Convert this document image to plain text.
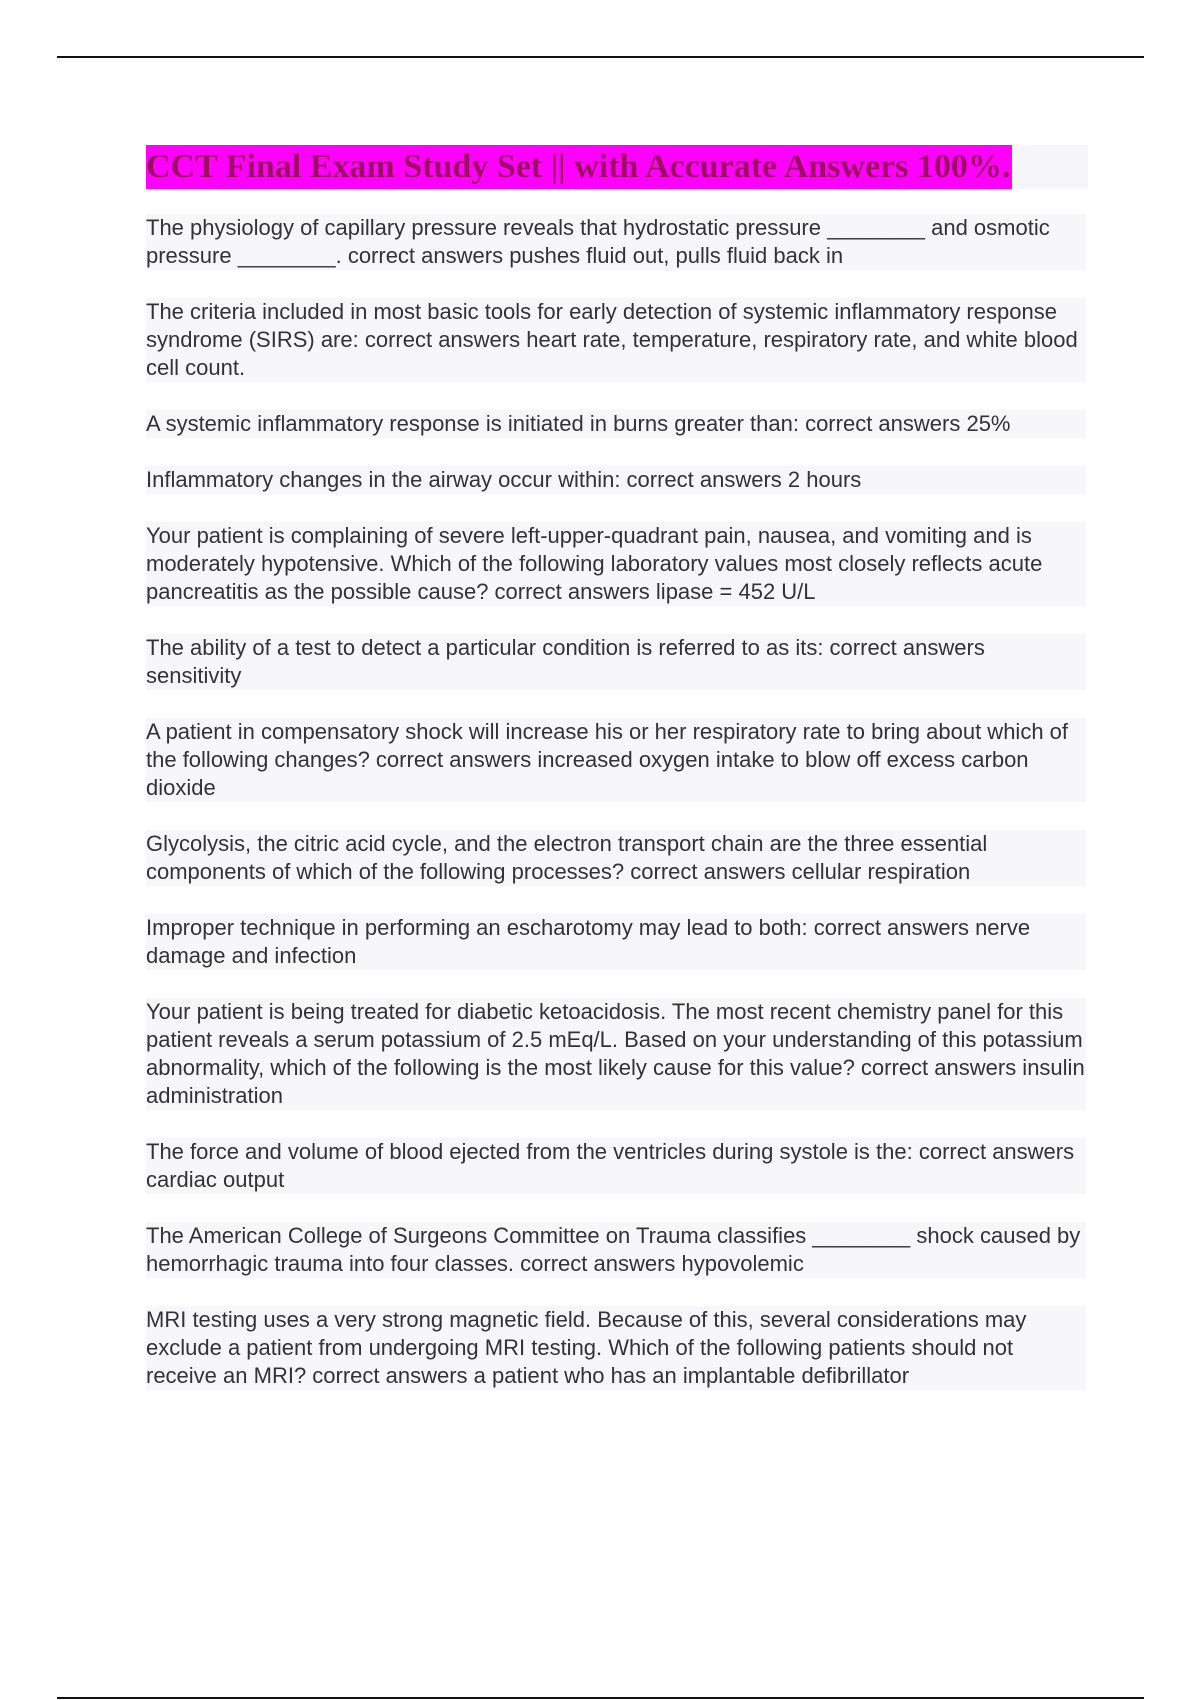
CCT Final Exam Study Set || with Accurate Answers 100%.

The physiology of capillary pressure reveals that hydrostatic pressure ________ and osmotic pressure ________. correct answers pushes fluid out, pulls fluid back in

The criteria included in most basic tools for early detection of systemic inflammatory response syndrome (SIRS) are: correct answers heart rate, temperature, respiratory rate, and white blood cell count.

A systemic inflammatory response is initiated in burns greater than: correct answers 25%

Inflammatory changes in the airway occur within: correct answers 2 hours

Your patient is complaining of severe left-upper-quadrant pain, nausea, and vomiting and is moderately hypotensive. Which of the following laboratory values most closely reflects acute pancreatitis as the possible cause? correct answers lipase = 452 U/L

The ability of a test to detect a particular condition is referred to as its: correct answers sensitivity

A patient in compensatory shock will increase his or her respiratory rate to bring about which of the following changes? correct answers increased oxygen intake to blow off excess carbon dioxide

Glycolysis, the citric acid cycle, and the electron transport chain are the three essential components of which of the following processes? correct answers cellular respiration

Improper technique in performing an escharotomy may lead to both: correct answers nerve damage and infection

Your patient is being treated for diabetic ketoacidosis. The most recent chemistry panel for this patient reveals a serum potassium of 2.5 mEq/L. Based on your understanding of this potassium abnormality, which of the following is the most likely cause for this value? correct answers insulin administration

The force and volume of blood ejected from the ventricles during systole is the: correct answers cardiac output

The American College of Surgeons Committee on Trauma classifies ________ shock caused by hemorrhagic trauma into four classes. correct answers hypovolemic

MRI testing uses a very strong magnetic field. Because of this, several considerations may exclude a patient from undergoing MRI testing. Which of the following patients should not receive an MRI? correct answers a patient who has an implantable defibrillator
